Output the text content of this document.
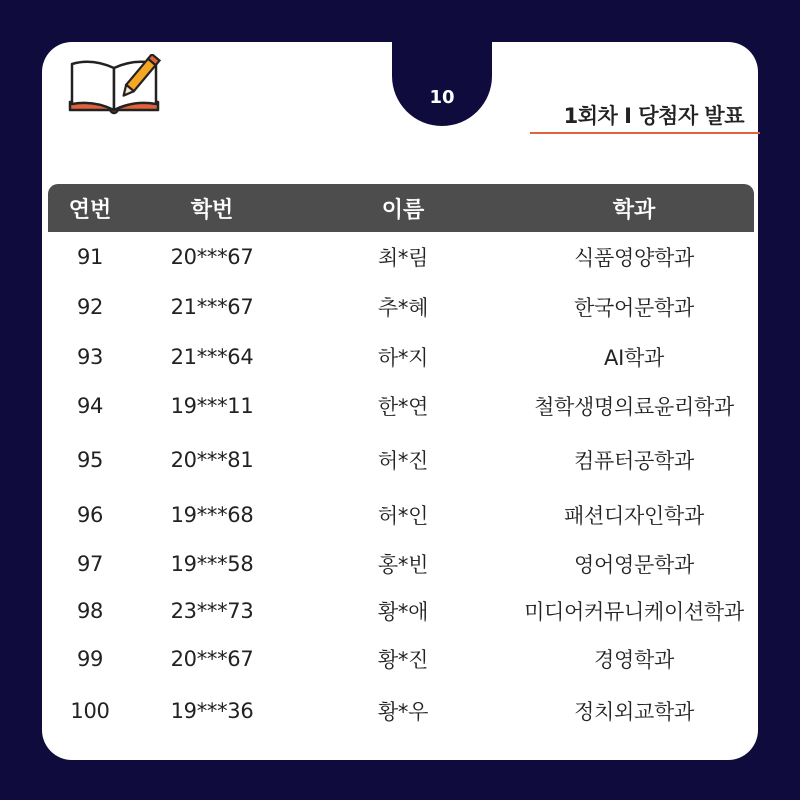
10
1회차 I 당첨자 발표
연번	학번	이름	학과
91	20***67	최*림	식품영양학과
92	21***67	추*혜	한국어문학과
93	21***64	하*지	AI학과
94	19***11	한*연	철학생명의료윤리학과
95	20***81	허*진	컴퓨터공학과
96	19***68	허*인	패션디자인학과
97	19***58	홍*빈	영어영문학과
98	23***73	황*애	미디어커뮤니케이션학과
99	20***67	황*진	경영학과
100	19***36	황*우	정치외교학과
